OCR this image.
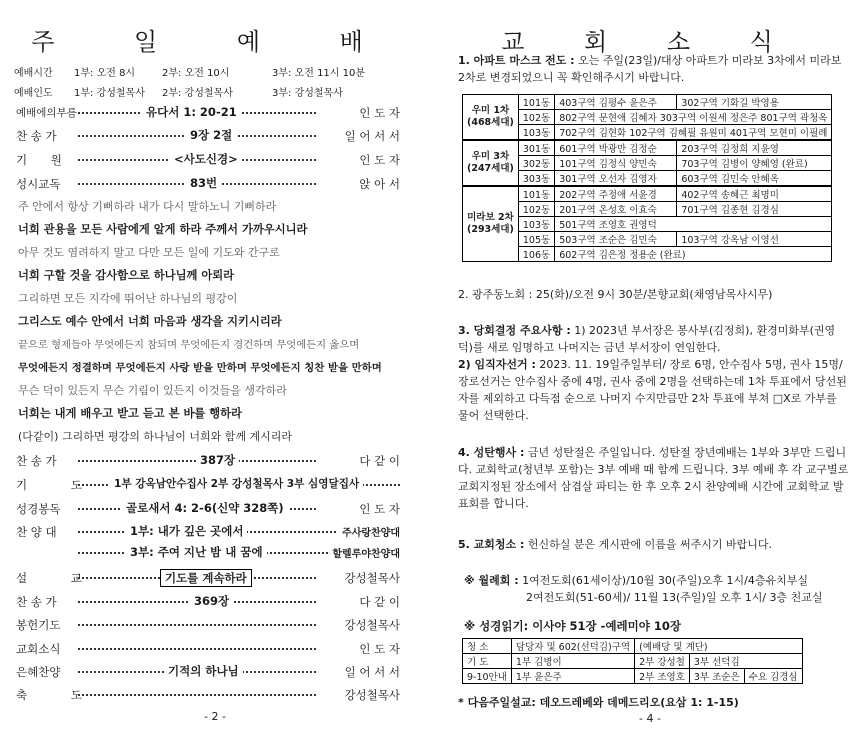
주 일 예 배
예배시간 1부: 오전 8시	2부: 오전 10시	3부: 오전 11시 10분
예배인도 1부: 강성철목사 2부: 강성철목사	3부: 강성철목사
예배에의부름	유다서 1: 20-21	인 도 자
찬 송 가	9장 2절	일 어 서 서
기 원	<사도신경>	인 도 자
성시교독	83번	앉 아 서
주 안에서 항상 기뻐하라 내가 다시 말하노니 기뻐하라
너희 관용을 모든 사람에게 알게 하라 주께서 가까우시니라
아무 것도 염려하지 말고 다만 모든 일에 기도와 간구로
너희 구할 것을 감사함으로 하나님께 아뢰라
그리하면 모든 지각에 뛰어난 하나님의 평강이
그리스도 예수 안에서 너희 마음과 생각을 지키시리라
끝으로 형제들아 무엇에든지 참되며 무엇에든지 경건하며 무엇에든지 옳으며
무엇에든지 정결하며 무엇에든지 사랑 받을 만하며 무엇에든지 칭찬 받을 만하며
무슨 덕이 있든지 무슨 기림이 있든지 이것들을 생각하라
너희는 내게 배우고 받고 듣고 본 바를 행하라
(다같이) 그리하면 평강의 하나님이 너희와 함께 계시리라
찬 송 가	387장	다 같 이
기 도	1부 강옥남안수집사 2부 강성철목사 3부 심영달집사
성경봉독	골로새서 4: 2-6(신약 328쪽)	인 도 자
찬 양 대	1부: 내가 깊은 곳에서	주사랑찬양대
3부: 주여 지난 밤 내 꿈에	할렐루야찬양대
설 교	기도를 계속하라	강성철목사
찬 송 가	369장	다 같 이
봉헌기도	강성철목사
교회소식	인 도 자
은혜찬양	기적의 하나님	일 어 서 서
축 도	강성철목사
- 2 -
교 회 소 식
1. 아파트 마스크 전도 : 오는 주일(23일)/대상 아파트가 미라보 3차에서 미라보 2차로 변경되었으니 꼭 확인해주시기 바랍니다.
우미 1차
(468세대)	101동	403구역 김평수 윤은주	302구역 기화길 박영용
	102동	802구역 문현애 김혜자 303구역 이원세 정은주 801구역 곽청옥	
	103동	702구역 김현화 102구역 김혜필 유원미 401구역 모현미 이필례	
우미 3차
(247세대)	301동	601구역 박광만 김정순	203구역 김정희 지윤영
	302동	101구역 김정식 양민숙	703구역 김병이 양혜영 (완료)
	303동	301구역 오선자 김영자	603구역 김민숙 안혜옥
미라보 2차
(293세대)	101동	202구역 주정애 서윤경	402구역 송혜근 최명미
	102동	201구역 온성호 이효숙	701구역 김종현 김경심
	103동	501구역 조영호 권영덕	
	105동	503구역 조순은 김민숙	103구역 강옥남 이영선
	106동	602구역 김은정 정용순 (완료)	
2. 광주동노회 : 25(화)/오전 9시 30분/본향교회(채영남목사시무)
3. 당회결정 주요사항 : 1) 2023년 부서장은 봉사부(김정희), 환경미화부(권영덕)를 새로 임명하고 나머지는 금년 부서장이 연임한다.
2) 임직자선거 : 2023. 11. 19일주일부터/ 장로 6명, 안수집사 5명, 권사 15명/장로선거는 안수집사 중에 4명, 권사 중에 2명을 선택하는데 1차 투표에서 당선된 자를 제외하고 다득점 순으로 나머지 수지만큼만 2차 투표에 부쳐 □X로 가부를 물어 선택한다.
4. 성탄행사 : 금년 성탄절은 주일입니다. 성탄절 장년예배는 1부와 3부만 드립니다. 교회학교(청년부 포함)는 3부 예배 때 함께 드립니다. 3부 예배 후 각 교구별로 교회지정된 장소에서 삼겹살 파티는 한 후 오후 2시 찬양예배 시간에 교회학교 발표회를 합니다.
5. 교회청소 : 헌신하실 분은 게시판에 이름을 써주시기 바랍니다.
※ 월례회 : 1여전도회(61세이상)/10월 30(주일)오후 1시/4층유치부실
2여전도회(51-60세)/ 11월 13(주일)일 오후 1시/ 3층 친교실
※ 성경읽기: 이사야 51장 -예레미야 10장
청 소	담당자 및 602(선덕김)구역	(예배당 및 계단)		
기 도	1부 김병이	2부 강성철	3부 선덕김	
9-10안내	1부 윤은주	2부 조영호	3부 조순은	수요 김경심
* 다음주일설교: 데오드레베와 데메드리오(요삼 1: 1-15)
- 4 -
